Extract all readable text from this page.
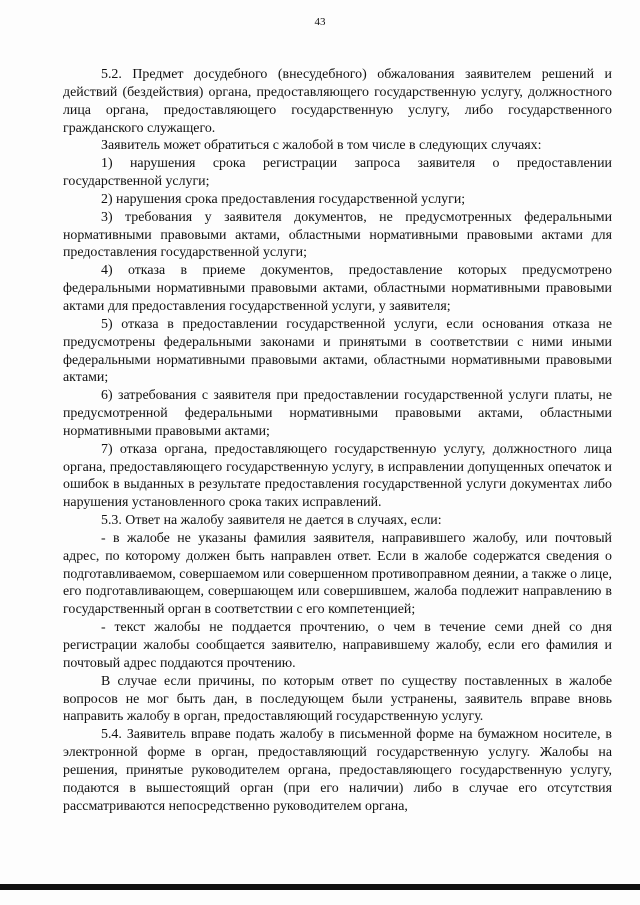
43

5.2. Предмет досудебного (внесудебного) обжалования заявителем решений и действий (бездействия) органа, предоставляющего государственную услугу, должностного лица органа, предоставляющего государственную услугу, либо государственного гражданского служащего.

Заявитель может обратиться с жалобой в том числе в следующих случаях:

1) нарушения срока регистрации запроса заявителя о предоставлении государственной услуги;

2) нарушения срока предоставления государственной услуги;

3) требования у заявителя документов, не предусмотренных федеральными нормативными правовыми актами, областными нормативными правовыми актами для предоставления государственной услуги;

4) отказа в приеме документов, предоставление которых предусмотрено федеральными нормативными правовыми актами, областными нормативными правовыми актами для предоставления государственной услуги, у заявителя;

5) отказа в предоставлении государственной услуги, если основания отказа не предусмотрены федеральными законами и принятыми в соответствии с ними иными федеральными нормативными правовыми актами, областными нормативными правовыми актами;

6) затребования с заявителя при предоставлении государственной услуги платы, не предусмотренной федеральными нормативными правовыми актами, областными нормативными правовыми актами;

7) отказа органа, предоставляющего государственную услугу, должностного лица органа, предоставляющего государственную услугу, в исправлении допущенных опечаток и ошибок в выданных в результате предоставления государственной услуги документах либо нарушения установленного срока таких исправлений.

5.3. Ответ на жалобу заявителя не дается в случаях, если:

- в жалобе не указаны фамилия заявителя, направившего жалобу, или почтовый адрес, по которому должен быть направлен ответ. Если в жалобе содержатся сведения о подготавливаемом, совершаемом или совершенном противоправном деянии, а также о лице, его подготавливающем, совершающем или совершившем, жалоба подлежит направлению в государственный орган в соответствии с его компетенцией;

- текст жалобы не поддается прочтению, о чем в течение семи дней со дня регистрации жалобы сообщается заявителю, направившему жалобу, если его фамилия и почтовый адрес поддаются прочтению.

В случае если причины, по которым ответ по существу поставленных в жалобе вопросов не мог быть дан, в последующем были устранены, заявитель вправе вновь направить жалобу в орган, предоставляющий государственную услугу.

5.4. Заявитель вправе подать жалобу в письменной форме на бумажном носителе, в электронной форме в орган, предоставляющий государственную услугу. Жалобы на решения, принятые руководителем органа, предоставляющего государственную услугу, подаются в вышестоящий орган (при его наличии) либо в случае его отсутствия рассматриваются непосредственно руководителем органа,
